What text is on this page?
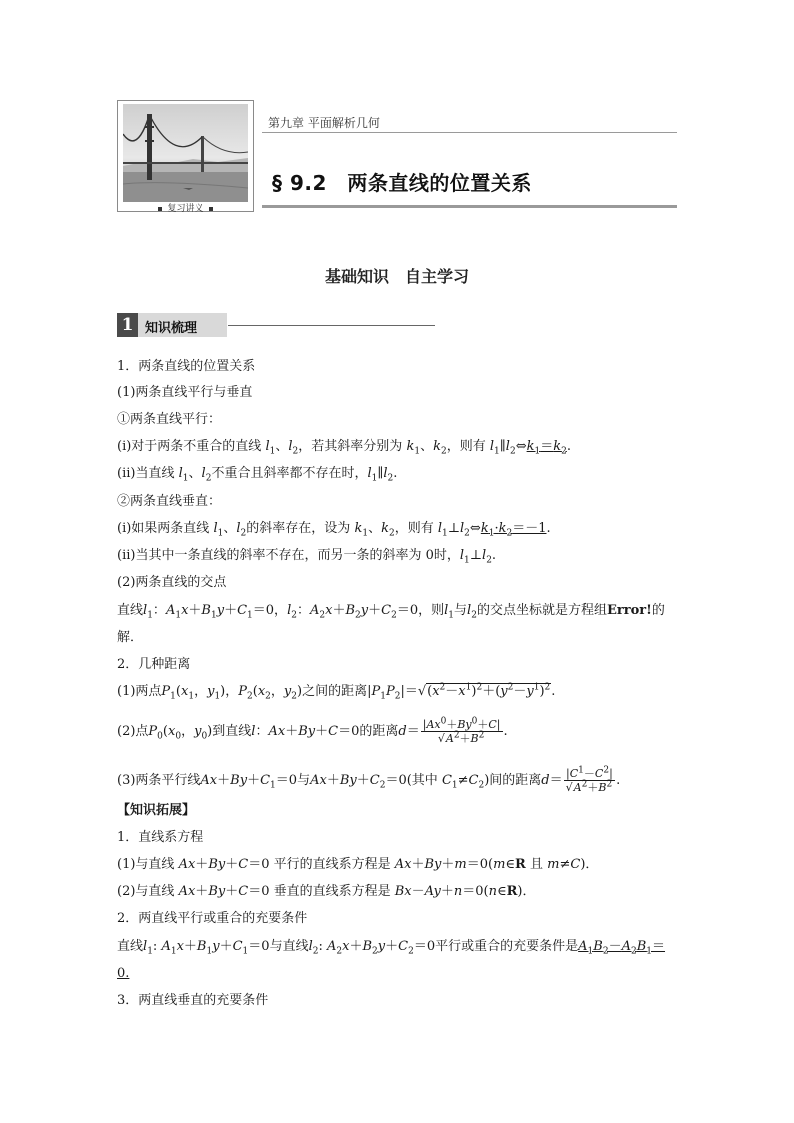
复习讲义
第九章 平面解析几何
§ 9.2　两条直线的位置关系
基础知识　自主学习
1 知识梳理
1．两条直线的位置关系
(1)两条直线平行与垂直
①两条直线平行：
(ⅰ)对于两条不重合的直线 $l_1$、$l_2$，若其斜率分别为 $k_1$、$k_2$，则有 $l_1\parallel l_2\Leftrightarrow k_1=k_2$.
(ⅱ)当直线 $l_1$、$l_2$不重合且斜率都不存在时，$l_1\parallel l_2$.
②两条直线垂直：
(ⅰ)如果两条直线 $l_1$、$l_2$的斜率存在，设为 $k_1$、$k_2$，则有 $l_1\perp l_2\Leftrightarrow k_1\cdot k_2=-1$.
(ⅱ)当其中一条直线的斜率不存在，而另一条的斜率为 0时，$l_1\perp l_2$.
(2)两条直线的交点
直线$l_1$：$A_1x+B_1y+C_1=0$，$l_2$：$A_2x+B_2y+C_2=0$，则$l_1$与$l_2$的交点坐标就是方程组Error!的
解．
2．几种距离
(1)两点$P_1(x_1$，$y_1$)，$P_2(x_2$，$y_2$)之间的距离$|P_1P_2|=√(x^2-x^1)^2+(y^2-y^1)^2$.
(2)点$P_0(x_0$，$y_0$)到直线l：Ax＋By＋C＝0的距离$d= \frac{|Ax^0+By^0+C|}{√A^2+B^2}$ .
(3)两条平行线$Ax+By+C_1=0$与$Ax+By+C_2=0$(其中 $C_1\ne C_2$)间的距离$d= \frac{|C^1-C^2|}{√A^2+B^2}$ .
【知识拓展】
1．直线系方程
(1)与直线 Ax＋By＋C＝0 平行的直线系方程是 Ax＋By＋m＝0(m∈R 且 m≠C)．
(2)与直线 Ax＋By＋C＝0 垂直的直线系方程是 Bx－Ay＋n＝0(n∈R)．
2．两直线平行或重合的充要条件
直线$l_1$: $A_1x+B_1y+C_1=0$与直线$l_2$: $A_2x+B_2y+C_2=0$平行或重合的充要条件是$A_1B_2-A_2B_1=$
0.
3．两直线垂直的充要条件
